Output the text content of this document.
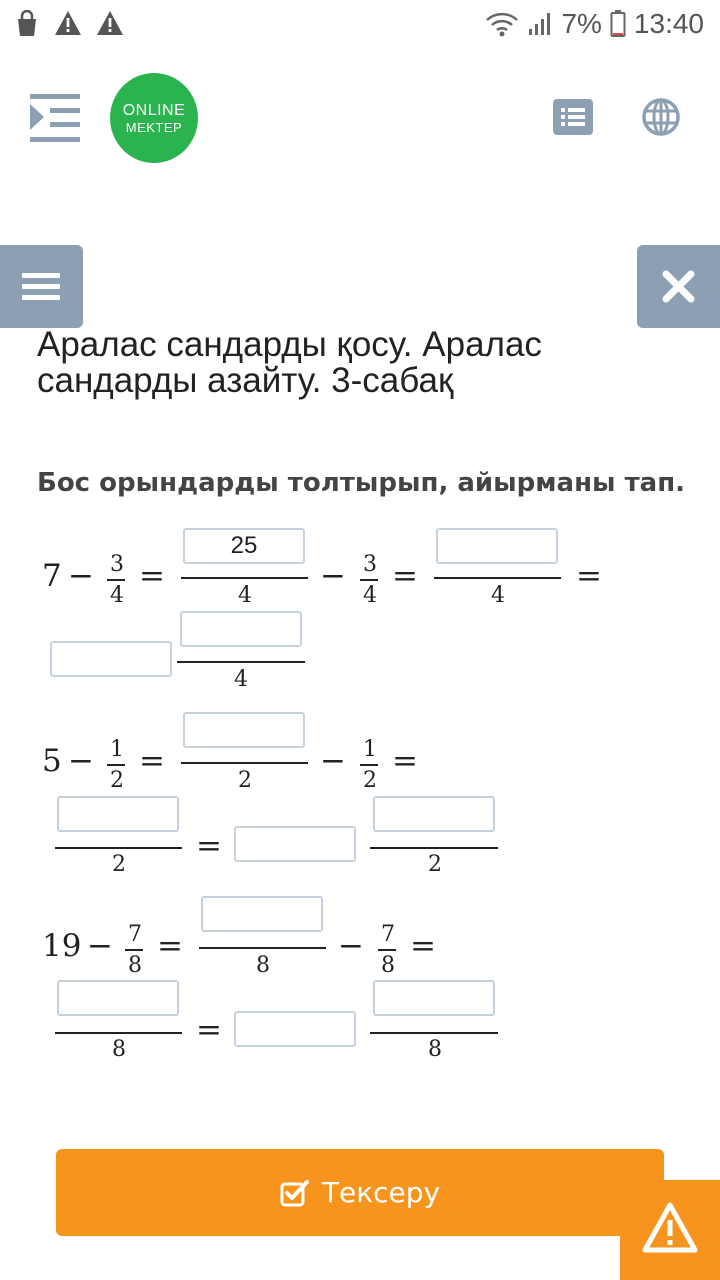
7% 13:40
ONLINE
MEKTEP
Аралас сандарды қосу. Аралас сандарды азайту. 3-сабақ
Бос орындарды толтырып, айырманы тап.
7 − 3
4
=
25
4
− 3
4
=
4
=
4
5 − 1
2
=
2
− 1
2
=
2
=
2
19 − 7
8
=
8
− 7
8
=
8
=
8
Тексеру
